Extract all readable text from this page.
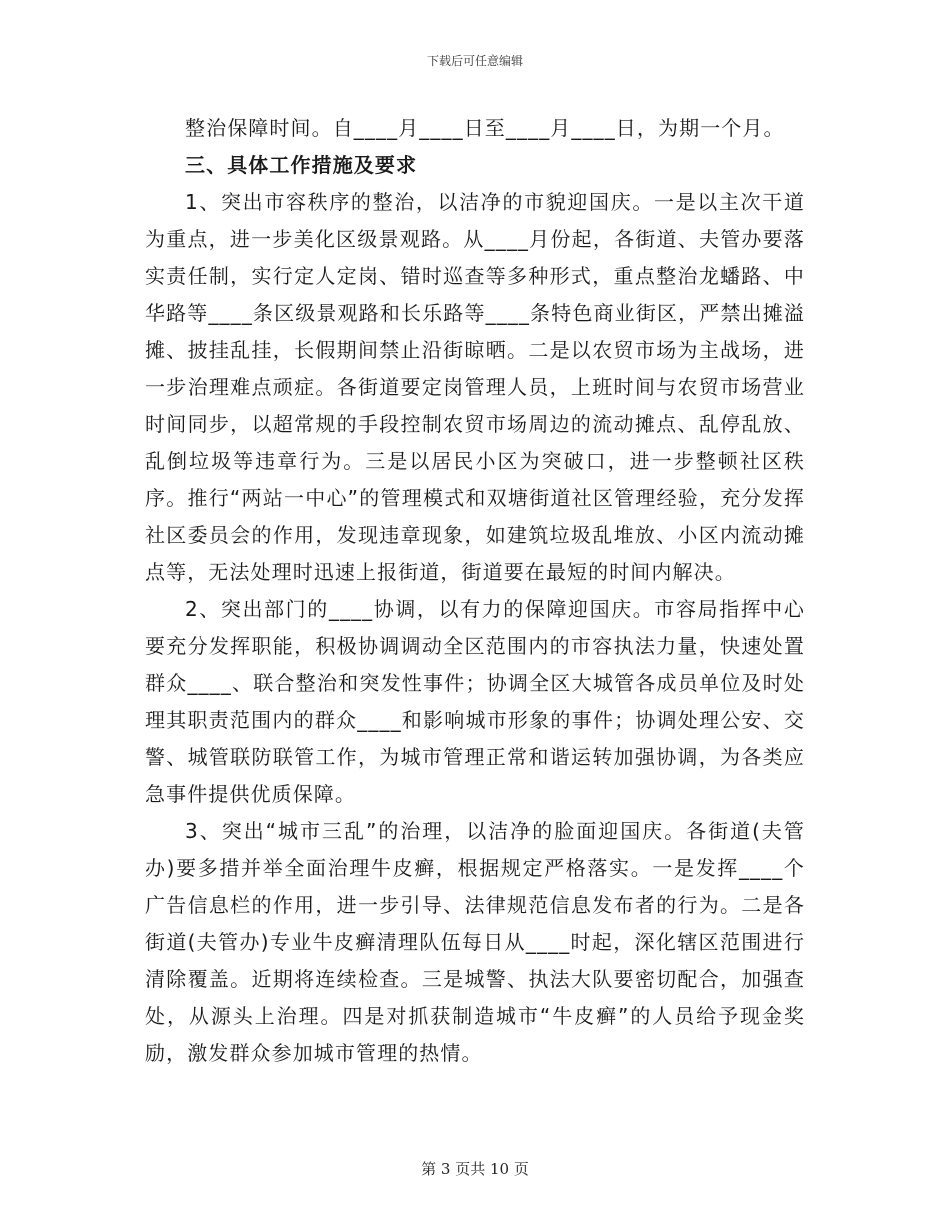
下载后可任意编辑

整治保障时间。自____月____日至____月____日，为期一个月。

三、具体工作措施及要求

1、突出市容秩序的整治，以洁净的市貌迎国庆。一是以主次干道为重点，进一步美化区级景观路。从____月份起，各街道、夫管办要落实责任制，实行定人定岗、错时巡查等多种形式，重点整治龙蟠路、中华路等____条区级景观路和长乐路等____条特色商业街区，严禁出摊溢摊、披挂乱挂，长假期间禁止沿街晾晒。二是以农贸市场为主战场，进一步治理难点顽症。各街道要定岗管理人员，上班时间与农贸市场营业时间同步，以超常规的手段控制农贸市场周边的流动摊点、乱停乱放、乱倒垃圾等违章行为。三是以居民小区为突破口，进一步整顿社区秩序。推行“两站一中心”的管理模式和双塘街道社区管理经验，充分发挥社区委员会的作用，发现违章现象，如建筑垃圾乱堆放、小区内流动摊点等，无法处理时迅速上报街道，街道要在最短的时间内解决。

2、突出部门的____协调，以有力的保障迎国庆。市容局指挥中心要充分发挥职能，积极协调调动全区范围内的市容执法力量，快速处置群众____、联合整治和突发性事件；协调全区大城管各成员单位及时处理其职责范围内的群众____和影响城市形象的事件；协调处理公安、交警、城管联防联管工作，为城市管理正常和谐运转加强协调，为各类应急事件提供优质保障。

3、突出“城市三乱”的治理，以洁净的脸面迎国庆。各街道(夫管办)要多措并举全面治理牛皮癣，根据规定严格落实。一是发挥____个广告信息栏的作用，进一步引导、法律规范信息发布者的行为。二是各街道(夫管办)专业牛皮癣清理队伍每日从____时起，深化辖区范围进行清除覆盖。近期将连续检查。三是城警、执法大队要密切配合，加强查处，从源头上治理。四是对抓获制造城市“牛皮癣”的人员给予现金奖励，激发群众参加城市管理的热情。

第 3 页共 10 页
